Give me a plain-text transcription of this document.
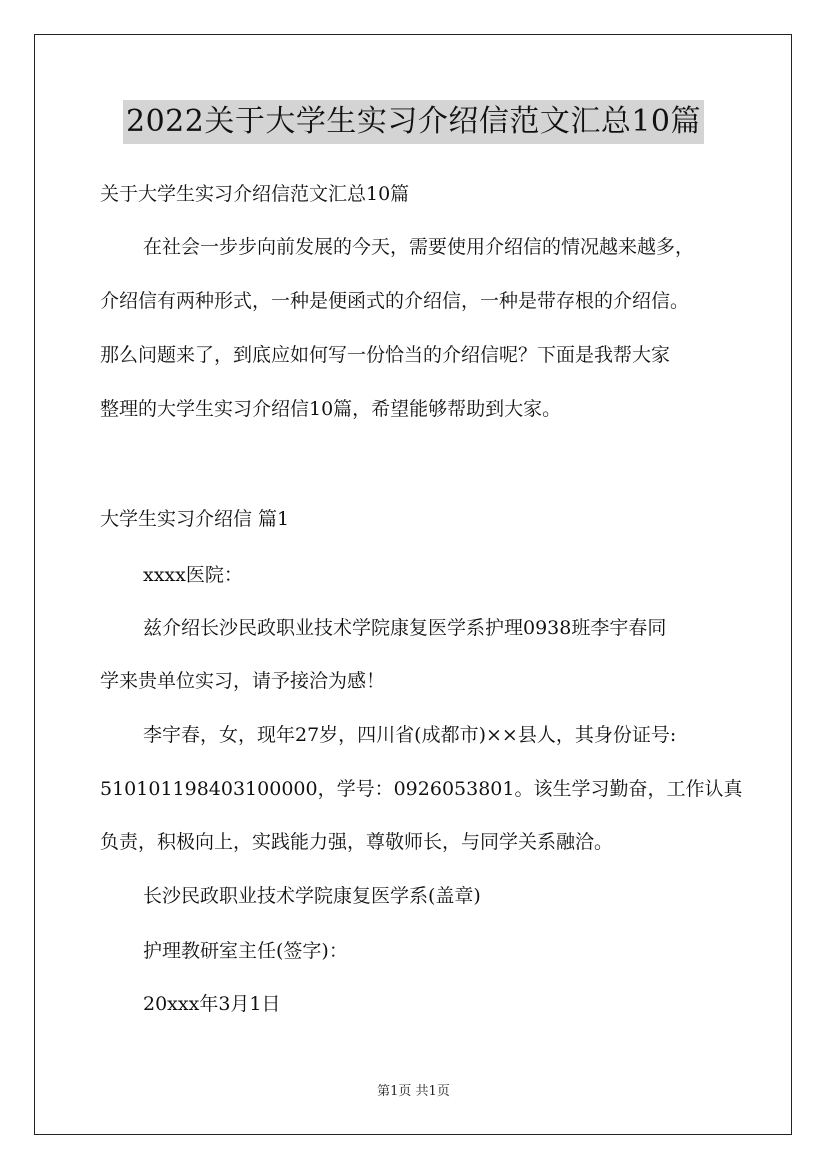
2022关于大学生实习介绍信范文汇总10篇
关于大学生实习介绍信范文汇总10篇
在社会一步步向前发展的今天，需要使用介绍信的情况越来越多，
介绍信有两种形式，一种是便函式的介绍信，一种是带存根的介绍信。
那么问题来了，到底应如何写一份恰当的介绍信呢？下面是我帮大家
整理的大学生实习介绍信10篇，希望能够帮助到大家。
大学生实习介绍信 篇1
xxxx医院：
兹介绍长沙民政职业技术学院康复医学系护理0938班李宇春同
学来贵单位实习，请予接洽为感！
李宇春，女，现年27岁，四川省(成都市)××县人，其身份证号:
510101198403100000，学号：0926053801。该生学习勤奋，工作认真
负责，积极向上，实践能力强，尊敬师长，与同学关系融洽。
长沙民政职业技术学院康复医学系(盖章)
护理教研室主任(签字)：
20xxx年3月1日
第1页 共1页
